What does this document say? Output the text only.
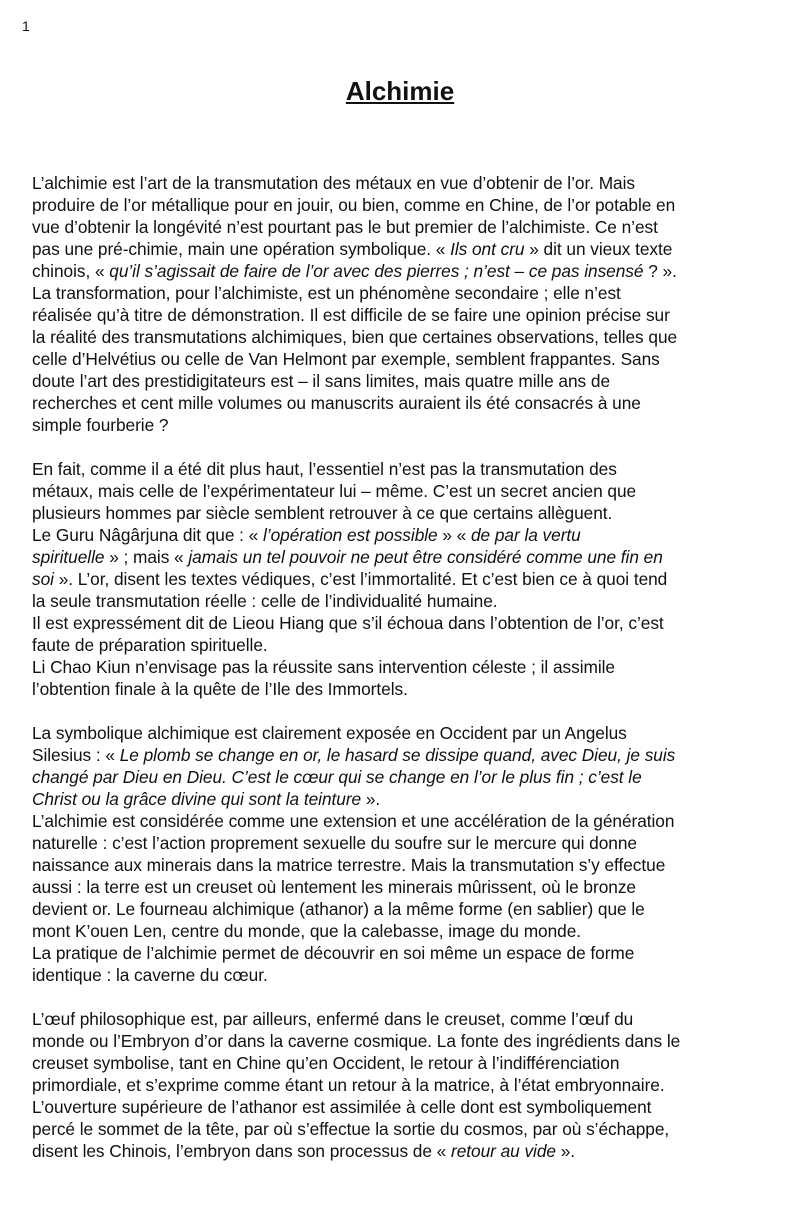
1
Alchimie

L’alchimie est l’art de la transmutation des métaux en vue d’obtenir de l’or. Mais
produire de l’or métallique pour en jouir, ou bien, comme en Chine, de l’or potable en
vue d’obtenir la longévité n’est pourtant pas le but premier de l’alchimiste. Ce n’est
pas une pré-chimie, main une opération symbolique. « Ils ont cru » dit un vieux texte
chinois, « qu’il s’agissait de faire de l’or avec des pierres ; n’est – ce pas insensé ? ».
La transformation, pour l’alchimiste, est un phénomène secondaire ; elle n’est
réalisée qu’à titre de démonstration. Il est difficile de se faire une opinion précise sur
la réalité des transmutations alchimiques, bien que certaines observations, telles que
celle d’Helvétius ou celle de Van Helmont par exemple, semblent frappantes. Sans
doute l’art des prestidigitateurs est – il sans limites, mais quatre mille ans de
recherches et cent mille volumes ou manuscrits auraient ils été consacrés à une
simple fourberie ?

En fait, comme il a été dit plus haut, l’essentiel n’est pas la transmutation des
métaux, mais celle de l’expérimentateur lui – même. C’est un secret ancien que
plusieurs hommes par siècle semblent retrouver à ce que certains allèguent.
Le Guru Nâgârjuna dit que : « l’opération est possible » « de par la vertu
spirituelle » ; mais « jamais un tel pouvoir ne peut être considéré comme une fin en
soi ». L’or, disent les textes védiques, c’est l’immortalité. Et c’est bien ce à quoi tend
la seule transmutation réelle : celle de l’individualité humaine.
Il est expressément dit de Lieou Hiang que s’il échoua dans l’obtention de l’or, c’est
faute de préparation spirituelle.
Li Chao Kiun n’envisage pas la réussite sans intervention céleste ; il assimile
l’obtention finale à la quête de l’Ile des Immortels.

La symbolique alchimique est clairement exposée en Occident par un Angelus
Silesius : « Le plomb se change en or, le hasard se dissipe quand, avec Dieu, je suis
changé par Dieu en Dieu. C’est le cœur qui se change en l’or le plus fin ; c’est le
Christ ou la grâce divine qui sont la teinture ».
L’alchimie est considérée comme une extension et une accélération de la génération
naturelle : c’est l’action proprement sexuelle du soufre sur le mercure qui donne
naissance aux minerais dans la matrice terrestre. Mais la transmutation s’y effectue
aussi : la terre est un creuset où lentement les minerais mûrissent, où le bronze
devient or. Le fourneau alchimique (athanor) a la même forme (en sablier) que le
mont K’ouen Len, centre du monde, que la calebasse, image du monde.
La pratique de l’alchimie permet de découvrir en soi même un espace de forme
identique : la caverne du cœur.

L’œuf philosophique est, par ailleurs, enfermé dans le creuset, comme l’œuf du
monde ou l’Embryon d’or dans la caverne cosmique. La fonte des ingrédients dans le
creuset symbolise, tant en Chine qu’en Occident, le retour à l’indifférenciation
primordiale, et s’exprime comme étant un retour à la matrice, à l’état embryonnaire.
L’ouverture supérieure de l’athanor est assimilée à celle dont est symboliquement
percé le sommet de la tête, par où s’effectue la sortie du cosmos, par où s’échappe,
disent les Chinois, l’embryon dans son processus de « retour au vide ».
